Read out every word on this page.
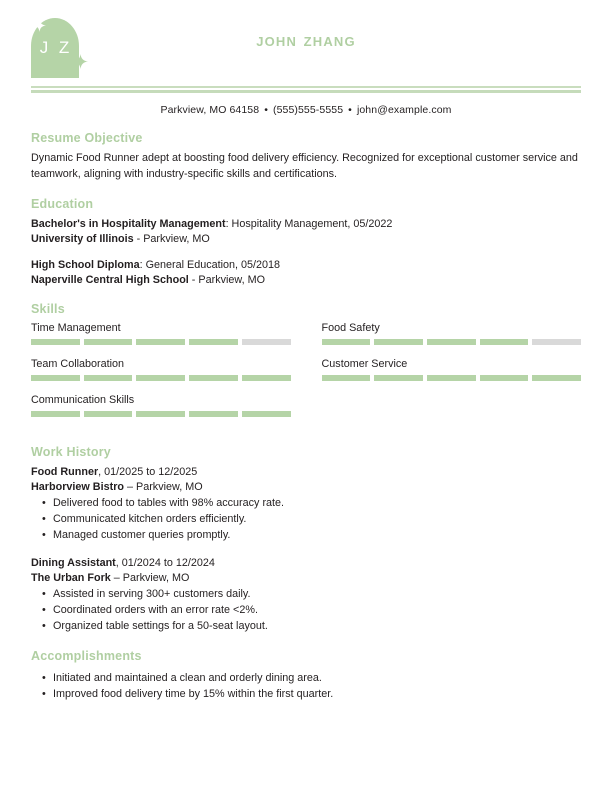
J Z	john zhang
Parkview, MO 64158 • (555)555-5555 • john@example.com
Resume Objective
Dynamic Food Runner adept at boosting food delivery efficiency. Recognized for exceptional customer service and teamwork, aligning with industry-specific skills and certifications.
Education
Bachelor's in Hospitality Management: Hospitality Management, 05/2022
University of Illinois - Parkview, MO
High School Diploma: General Education, 05/2018
Naperville Central High School - Parkview, MO
Skills
Time Management	Food Safety
Team Collaboration	Customer Service
Communication Skills
Work History
Food Runner, 01/2025 to 12/2025
Harborview Bistro – Parkview, MO
• Delivered food to tables with 98% accuracy rate.
• Communicated kitchen orders efficiently.
• Managed customer queries promptly.
Dining Assistant, 01/2024 to 12/2024
The Urban Fork – Parkview, MO
• Assisted in serving 300+ customers daily.
• Coordinated orders with an error rate <2%.
• Organized table settings for a 50-seat layout.
Accomplishments
• Initiated and maintained a clean and orderly dining area.
• Improved food delivery time by 15% within the first quarter.
